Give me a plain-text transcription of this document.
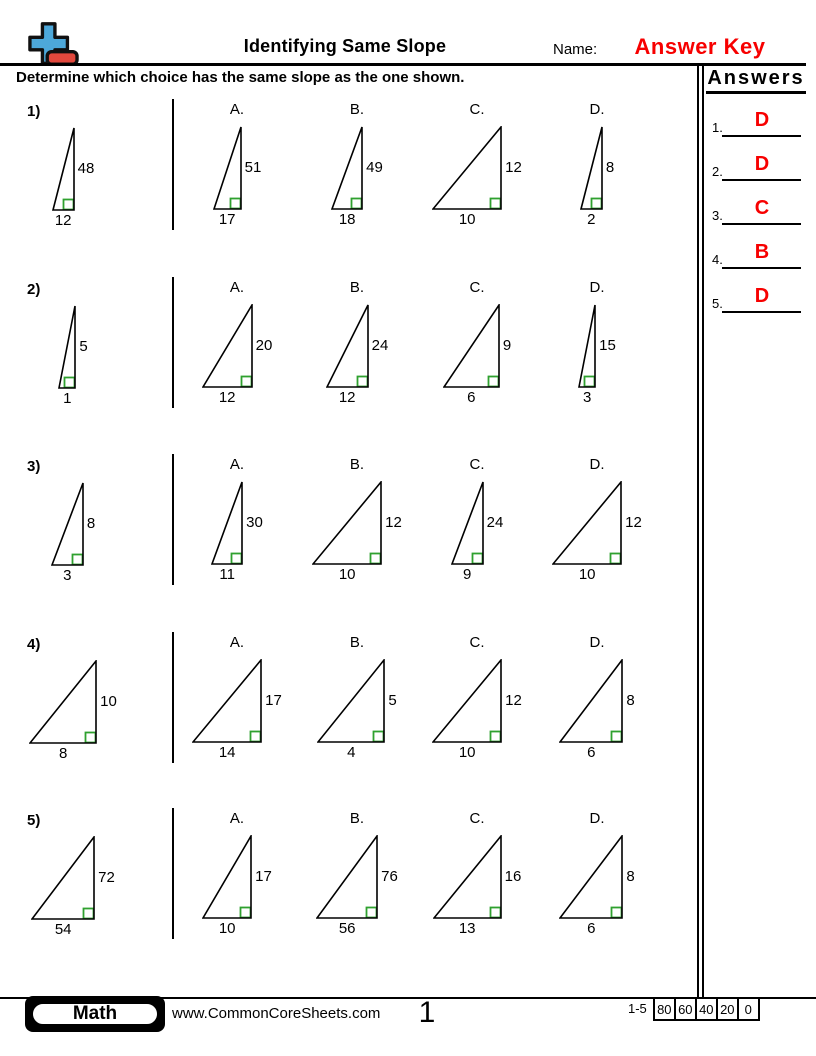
Identifying Same Slope	Name:	Answer Key
Determine which choice has the same slope as the one shown.	Answers
1.	D
2.	D
3.	C
4.	B
5.	D
1)
12
48
A.
17
51
B.
18
49
C.
10
12
D.
2
8
2)
1
5
A.
12
20
B.
12
24
C.
6
9
D.
3
15
3)
3
8
A.
11
30
B.
10
12
C.
9
24
D.
10
12
4)
8
10
A.
14
17
B.
4
5
C.
10
12
D.
6
8
5)
54
72
A.
10
17
B.
56
76
C.
13
16
D.
6
8
Math	www.CommonCoreSheets.com	1	1-5 80 60 40 20 0
